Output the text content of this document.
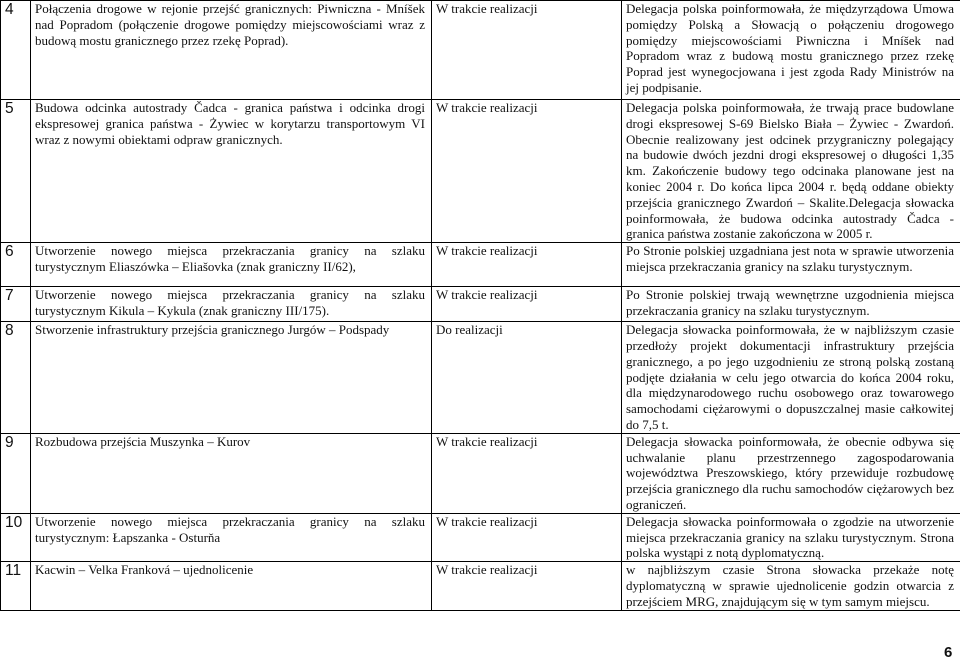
4	Połączenia drogowe w rejonie przejść granicznych: Piwniczna - Mníšek nad Popradom (połączenie drogowe pomiędzy miejscowościami wraz z budową mostu granicznego przez rzekę Poprad).	W trakcie realizacji	Delegacja polska poinformowała, że międzyrządowa Umowa pomiędzy Polską a Słowacją o połączeniu drogowego pomiędzy miejscowościami Piwniczna i Mníšek nad Popradom wraz z budową mostu granicznego przez rzekę Poprad jest wynegocjowana i jest zgoda Rady Ministrów na jej podpisanie.
5	Budowa odcinka autostrady Čadca - granica państwa i odcinka drogi ekspresowej granica państwa - Żywiec w korytarzu transportowym VI wraz z nowymi obiektami odpraw granicznych.	W trakcie realizacji	Delegacja polska poinformowała, że trwają prace budowlane drogi ekspresowej S-69 Bielsko Biała – Żywiec - Zwardoń. Obecnie realizowany jest odcinek przygraniczny polegający na budowie dwóch jezdni drogi ekspresowej o długości 1,35 km. Zakończenie budowy tego odcinaka planowane jest na koniec 2004 r. Do końca lipca 2004 r. będą oddane obiekty przejścia granicznego Zwardoń – Skalite.Delegacja słowacka poinformowała, że budowa odcinka autostrady Čadca - granica państwa zostanie zakończona w 2005 r.
6	Utworzenie nowego miejsca przekraczania granicy na szlaku turystycznym Eliaszówka – Eliašovka (znak graniczny II/62),	W trakcie realizacji	Po Stronie polskiej uzgadniana jest nota w sprawie utworzenia miejsca przekraczania granicy na szlaku turystycznym.
7	Utworzenie nowego miejsca przekraczania granicy na szlaku turystycznym Kikula – Kykula (znak graniczny III/175).	W trakcie realizacji	Po Stronie polskiej trwają wewnętrzne uzgodnienia miejsca przekraczania granicy na szlaku turystycznym.
8	Stworzenie infrastruktury przejścia granicznego Jurgów – Podspady	Do realizacji	Delegacja słowacka poinformowała, że w najbliższym czasie przedłoży projekt dokumentacji infrastruktury przejścia granicznego, a po jego uzgodnieniu ze stroną polską zostaną podjęte działania w celu jego otwarcia do końca 2004 roku, dla międzynarodowego ruchu osobowego oraz towarowego samochodami ciężarowymi o dopuszczalnej masie całkowitej do 7,5 t.
9	Rozbudowa przejścia Muszynka – Kurov	W trakcie realizacji	Delegacja słowacka poinformowała, że obecnie odbywa się uchwalanie planu przestrzennego zagospodarowania województwa Preszowskiego, który przewiduje rozbudowę przejścia granicznego dla ruchu samochodów ciężarowych bez ograniczeń.
10	Utworzenie nowego miejsca przekraczania granicy na szlaku turystycznym: Łapszanka - Osturňa	W trakcie realizacji	Delegacja słowacka poinformowała o zgodzie na utworzenie miejsca przekraczania granicy na szlaku turystycznym. Strona polska wystąpi z notą dyplomatyczną.
11	Kacwin – Velka Franková – ujednolicenie	W trakcie realizacji	w najbliższym czasie Strona słowacka przekaże notę dyplomatyczną w sprawie ujednolicenie godzin otwarcia z przejściem MRG, znajdującym się w tym samym miejscu.
6
